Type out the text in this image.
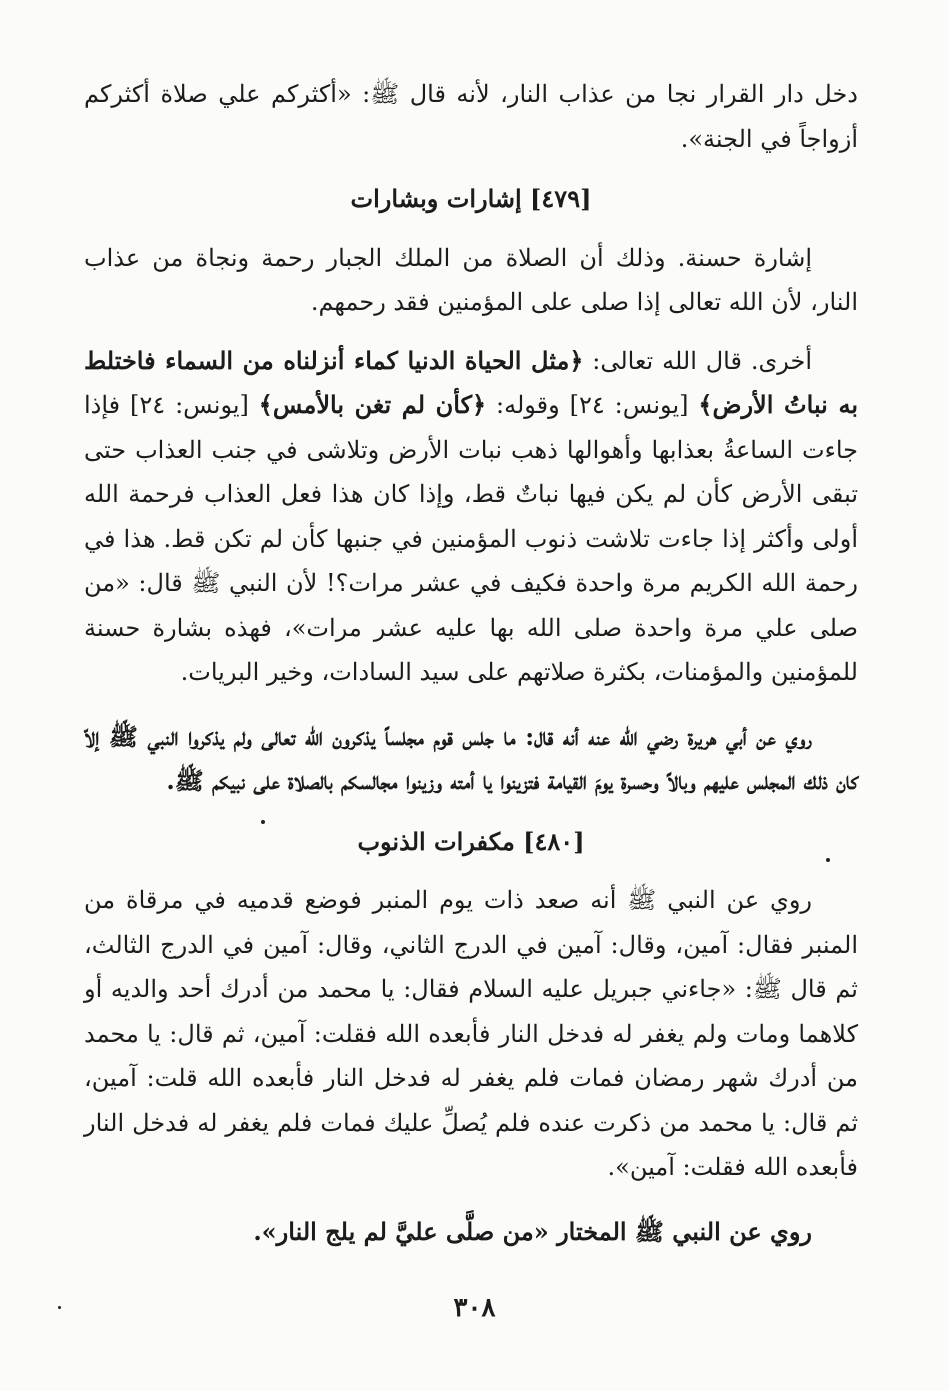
دخل دار القرار نجا من عذاب النار، لأنه قال ﷺ: «أكثركم علي صلاة أكثركم أزواجاً في الجنة».

[٤٧٩] إشارات وبشارات

إشارة حسنة. وذلك أن الصلاة من الملك الجبار رحمة ونجاة من عذاب النار، لأن الله تعالى إذا صلى على المؤمنين فقد رحمهم.

أخرى. قال الله تعالى: ﴿مثل الحياة الدنيا كماء أنزلناه من السماء فاختلط به نباتُ الأرض﴾ [يونس: ٢٤] وقوله: ﴿كأن لم تغن بالأمس﴾ [يونس: ٢٤] فإذا جاءت الساعةُ بعذابها وأهوالها ذهب نبات الأرض وتلاشى في جنب العذاب حتى تبقى الأرض كأن لم يكن فيها نباتٌ قط، وإذا كان هذا فعل العذاب فرحمة الله أولى وأكثر إذا جاءت تلاشت ذنوب المؤمنين في جنبها كأن لم تكن قط. هذا في رحمة الله الكريم مرة واحدة فكيف في عشر مرات؟! لأن النبي ﷺ قال: «من صلى علي مرة واحدة صلى الله بها عليه عشر مرات»، فهذه بشارة حسنة للمؤمنين والمؤمنات، بكثرة صلاتهم على سيد السادات، وخير البريات.

روي عن أبي هريرة رضي الله عنه أنه قال: ما جلس قوم مجلساً يذكرون الله تعالى ولم يذكروا النبي ﷺ إلاّ كان ذلك المجلس عليهم وبالاً وحسرة يومَ القيامة فتزينوا يا أمته وزينوا مجالسكم بالصلاة على نبيكم ﷺ.

[٤٨٠] مكفرات الذنوب

روي عن النبي ﷺ أنه صعد ذات يوم المنبر فوضع قدميه في مرقاة من المنبر فقال: آمين، وقال: آمين في الدرج الثاني، وقال: آمين في الدرج الثالث، ثم قال ﷺ: «جاءني جبريل عليه السلام فقال: يا محمد من أدرك أحد والديه أو كلاهما ومات ولم يغفر له فدخل النار فأبعده الله فقلت: آمين، ثم قال: يا محمد من أدرك شهر رمضان فمات فلم يغفر له فدخل النار فأبعده الله قلت: آمين، ثم قال: يا محمد من ذكرت عنده فلم يُصلِّ عليك فمات فلم يغفر له فدخل النار فأبعده الله فقلت: آمين».

روي عن النبي ﷺ المختار «من صلَّى عليَّ لم يلج النار».

٣٠٨
